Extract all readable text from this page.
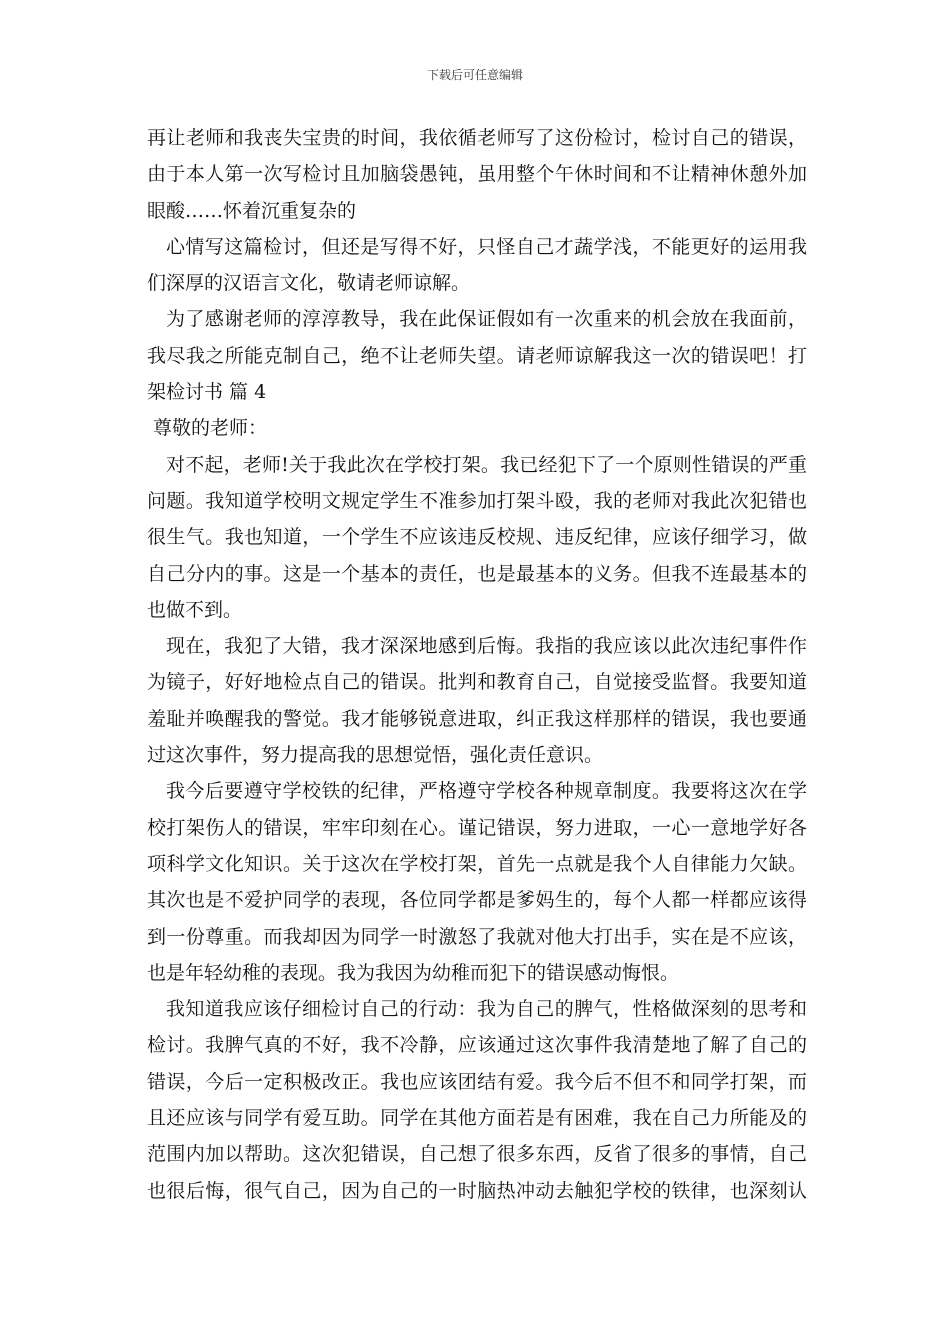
下载后可任意编辑
再让老师和我丧失宝贵的时间，我依循老师写了这份检讨，检讨自己的错误，
由于本人第一次写检讨且加脑袋愚钝，虽用整个午休时间和不让精神休憩外加
眼酸……怀着沉重复杂的
心情写这篇检讨，但还是写得不好，只怪自己才蔬学浅，不能更好的运用我
们深厚的汉语言文化，敬请老师谅解。
为了感谢老师的淳淳教导，我在此保证假如有一次重来的机会放在我面前，
我尽我之所能克制自己，绝不让老师失望。请老师谅解我这一次的错误吧！打
架检讨书 篇 4
尊敬的老师：
对不起，老师!关于我此次在学校打架。我已经犯下了一个原则性错误的严重
问题。我知道学校明文规定学生不准参加打架斗殴，我的老师对我此次犯错也
很生气。我也知道，一个学生不应该违反校规、违反纪律，应该仔细学习，做
自己分内的事。这是一个基本的责任，也是最基本的义务。但我不连最基本的
也做不到。
现在，我犯了大错，我才深深地感到后悔。我指的我应该以此次违纪事件作
为镜子，好好地检点自己的错误。批判和教育自己，自觉接受监督。我要知道
羞耻并唤醒我的警觉。我才能够锐意进取，纠正我这样那样的错误，我也要通
过这次事件，努力提高我的思想觉悟，强化责任意识。
我今后要遵守学校铁的纪律，严格遵守学校各种规章制度。我要将这次在学
校打架伤人的错误，牢牢印刻在心。谨记错误，努力进取，一心一意地学好各
项科学文化知识。关于这次在学校打架，首先一点就是我个人自律能力欠缺。
其次也是不爱护同学的表现，各位同学都是爹妈生的，每个人都一样都应该得
到一份尊重。而我却因为同学一时激怒了我就对他大打出手，实在是不应该，
也是年轻幼稚的表现。我为我因为幼稚而犯下的错误感动悔恨。
我知道我应该仔细检讨自己的行动：我为自己的脾气，性格做深刻的思考和
检讨。我脾气真的不好，我不冷静，应该通过这次事件我清楚地了解了自己的
错误，今后一定积极改正。我也应该团结有爱。我今后不但不和同学打架，而
且还应该与同学有爱互助。同学在其他方面若是有困难，我在自己力所能及的
范围内加以帮助。这次犯错误，自己想了很多东西，反省了很多的事情，自己
也很后悔，很气自己，因为自己的一时脑热冲动去触犯学校的铁律，也深刻认
